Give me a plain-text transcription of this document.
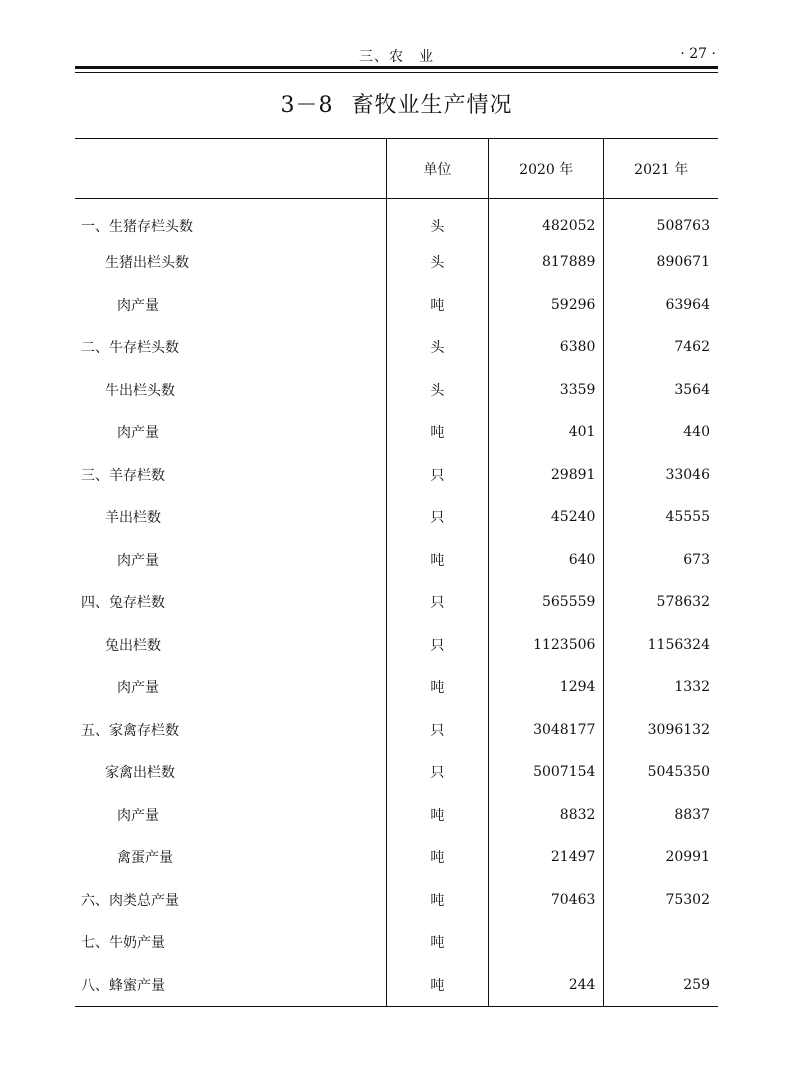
三、农　业	· 27 ·
3－8 畜牧业生产情况
	单位	2020 年	2021 年
一、生猪存栏头数	头	482052	508763
生猪出栏头数	头	817889	890671
肉产量	吨	59296	63964
二、牛存栏头数	头	6380	7462
牛出栏头数	头	3359	3564
肉产量	吨	401	440
三、羊存栏数	只	29891	33046
羊出栏数	只	45240	45555
肉产量	吨	640	673
四、兔存栏数	只	565559	578632
兔出栏数	只	1123506	1156324
肉产量	吨	1294	1332
五、家禽存栏数	只	3048177	3096132
家禽出栏数	只	5007154	5045350
肉产量	吨	8832	8837
禽蛋产量	吨	21497	20991
六、肉类总产量	吨	70463	75302
七、牛奶产量	吨		
八、蜂蜜产量	吨	244	259
